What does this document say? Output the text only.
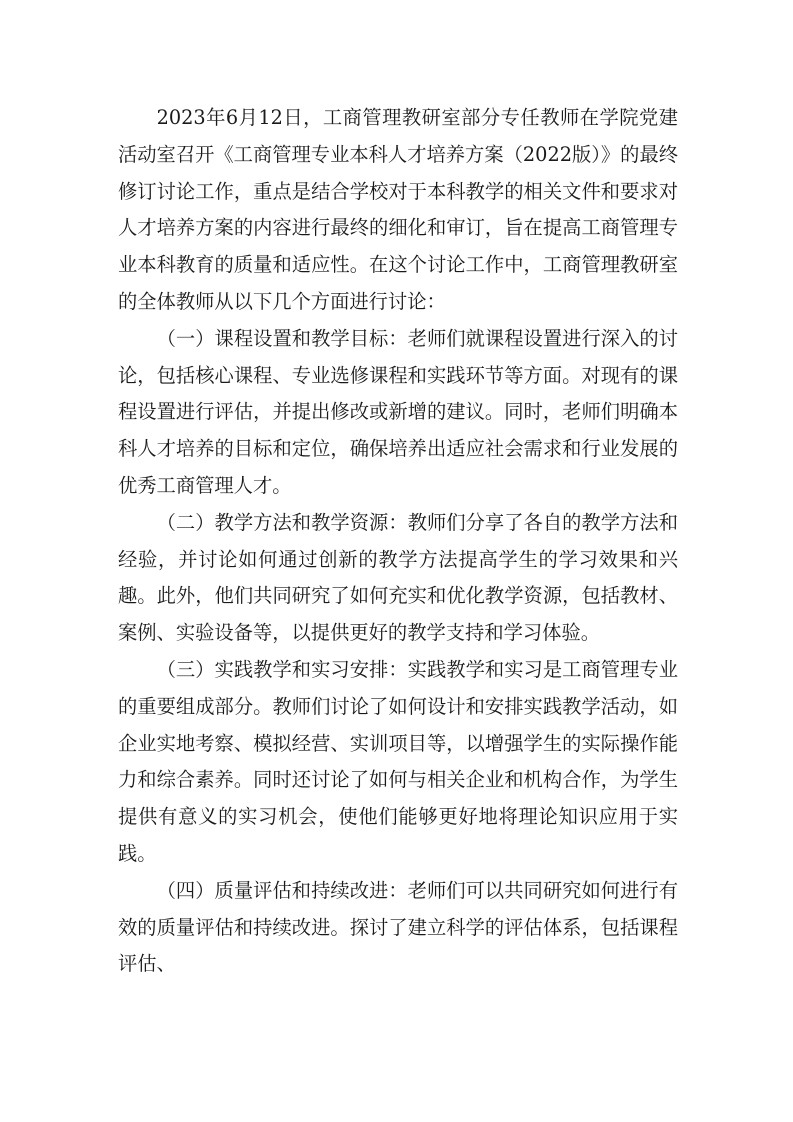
2023年6月12日，工商管理教研室部分专任教师在学院党建活动室召开《工商管理专业本科人才培养方案（2022版）》的最终修订讨论工作，重点是结合学校对于本科教学的相关文件和要求对人才培养方案的内容进行最终的细化和审订，旨在提高工商管理专业本科教育的质量和适应性。在这个讨论工作中，工商管理教研室的全体教师从以下几个方面进行讨论：

（一）课程设置和教学目标：老师们就课程设置进行深入的讨论，包括核心课程、专业选修课程和实践环节等方面。对现有的课程设置进行评估，并提出修改或新增的建议。同时，老师们明确本科人才培养的目标和定位，确保培养出适应社会需求和行业发展的优秀工商管理人才。

（二）教学方法和教学资源：教师们分享了各自的教学方法和经验，并讨论如何通过创新的教学方法提高学生的学习效果和兴趣。此外，他们共同研究了如何充实和优化教学资源，包括教材、案例、实验设备等，以提供更好的教学支持和学习体验。

（三）实践教学和实习安排：实践教学和实习是工商管理专业的重要组成部分。教师们讨论了如何设计和安排实践教学活动，如企业实地考察、模拟经营、实训项目等，以增强学生的实际操作能力和综合素养。同时还讨论了如何与相关企业和机构合作，为学生提供有意义的实习机会，使他们能够更好地将理论知识应用于实践。

（四）质量评估和持续改进：老师们可以共同研究如何进行有效的质量评估和持续改进。探讨了建立科学的评估体系，包括课程评估、
